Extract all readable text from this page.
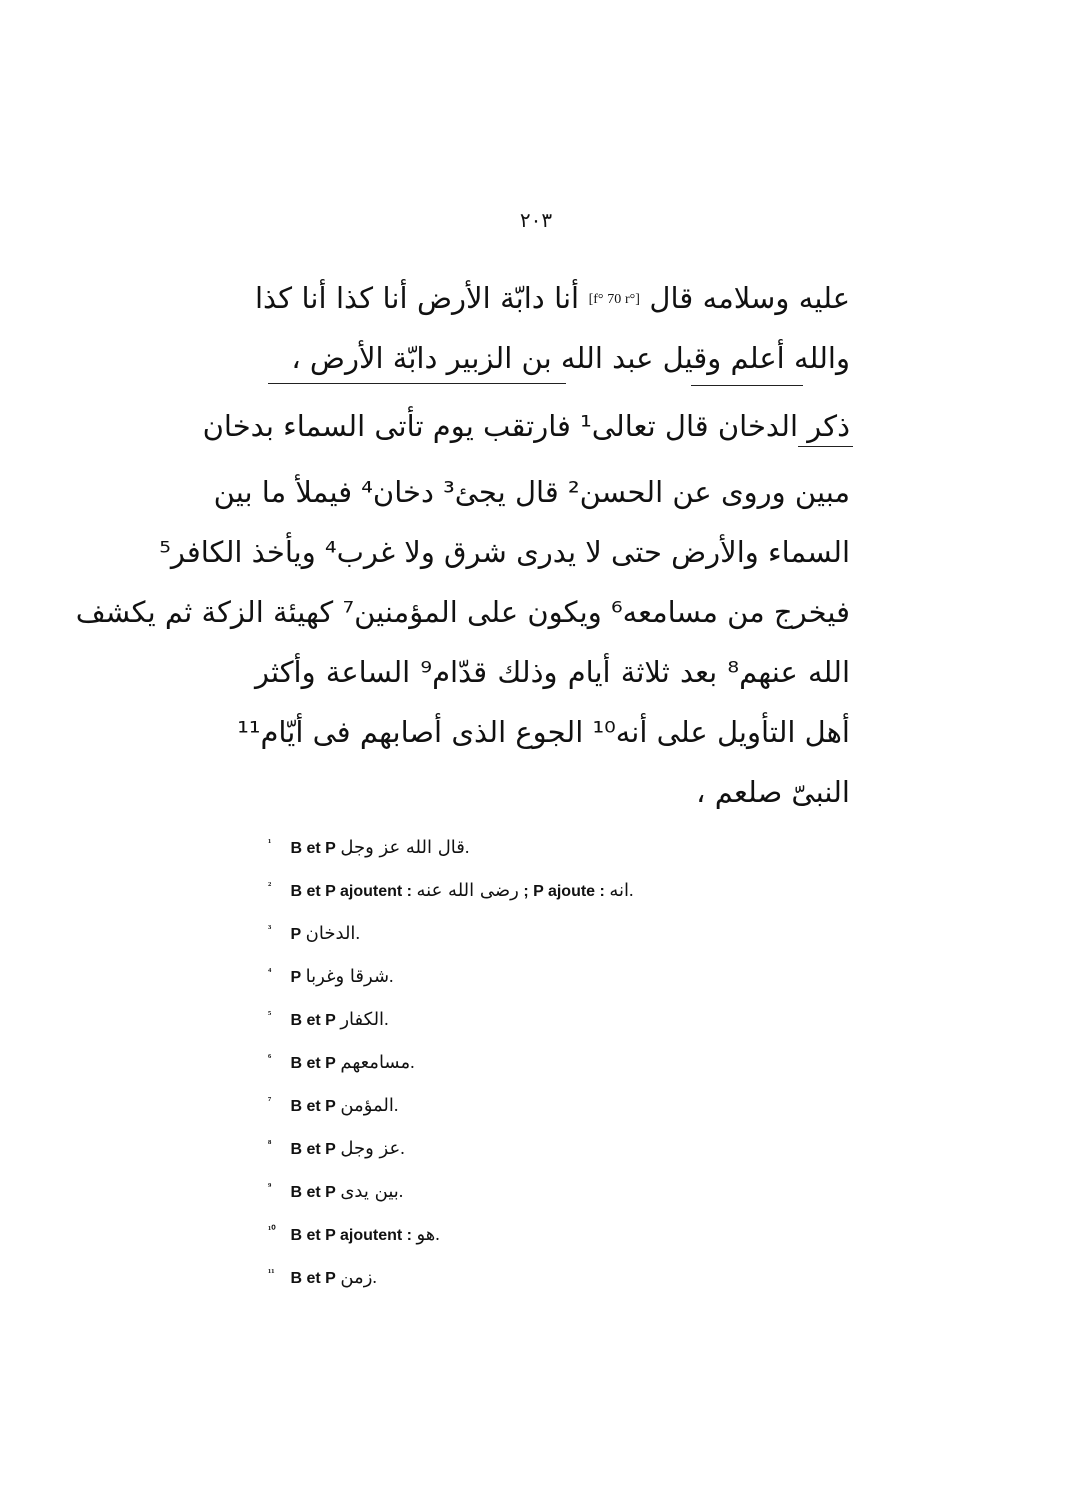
٢٠٣
عليه وسلامه قال [f° 70 r°] أنا دابّة الأرض أنا كذا أنا كذا
والله أعلم وقيل عبد الله بن الزبير دابّة الأرض ،
ذكر الدخان قال تعالى¹ فارتقب يوم تأتى السماء بدخان
مبين وروى عن الحسن² قال يجئ³ دخان⁴ فيملأ ما بين
السماء والأرض حتى لا يدرى شرق ولا غرب⁴ ويأخذ الكافر⁵
فيخرج من مسامعه⁶ ويكون على المؤمنين⁷ كهيئة الزكة ثم يكشف
الله عنهم⁸ بعد ثلاثة أيام وذلك قدّام⁹ الساعة وأكثر
أهل التأويل على أنه¹⁰ الجوع الذى أصابهم فى أيّام¹¹
النبىّ صلعم ،
¹ B et P قال الله عز وجل.
² B et P ajoutent : رضى الله عنه ; P ajoute : انه.
³ P الدخان.
⁴ P شرقا وغربا.
⁵ B et P الكفار.
⁶ B et P مسامعهم.
⁷ B et P المؤمن.
⁸ B et P عز وجل.
⁹ B et P بين يدى.
¹⁰ B et P ajoutent : هو.
¹¹ B et P زمن.
